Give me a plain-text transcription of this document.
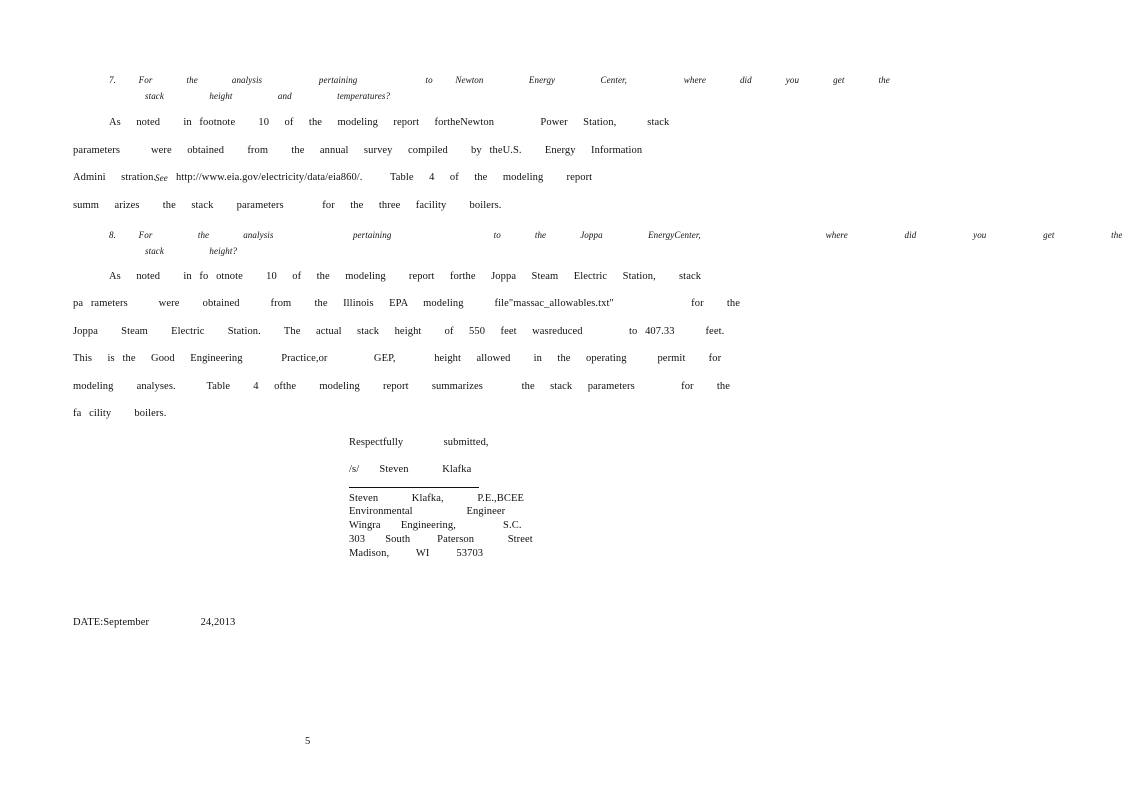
7.  For   the   analysis     pertaining      to  Newton    Energy    Center,     where   did   you   get   the
stack    height    and    temperatures?
As  noted   in footnote   10  of  the  modeling  report  fortheNewton      Power  Station,    stack
parameters    were  obtained   from   the  annual  survey  compiled   by theU.S.   Energy  Information
Admini  stration.
See http://www.eia.gov/electricity/data/eia860/.	Table  4  of  the  modeling   report
summ  arizes   the  stack   parameters     for  the  three  facility   boilers.
8.  For    the   analysis       pertaining         to   the   Joppa    EnergyCenter,           where     did     you     get     the
stack    height?
As  noted   in fo otnote   10  of  the  modeling   report  forthe  Joppa  Steam  Electric  Station,   stack
pa rameters    were   obtained    from   the  Illinois  EPA  modeling    file"massac_allowables.txt"          for   the
Joppa   Steam   Electric   Station.   The  actual  stack  height   of  550  feet  wasreduced      to 407.33    feet.
This  is the  Good  Engineering     Practice,or      GEP,     height  allowed   in  the  operating    permit   for
modeling   analyses.    Table   4  ofthe   modeling   report   summarizes     the  stack  parameters      for   the
fa cility   boilers.
Respectfully      submitted,
/s/   Steven     Klafka
Steven     Klafka,     P.E.,BCEE
Environmental        Engineer
Wingra   Engineering,       S.C.
303   South    Paterson     Street
Madison,    WI    53703
DATE:September         24,2013
5
